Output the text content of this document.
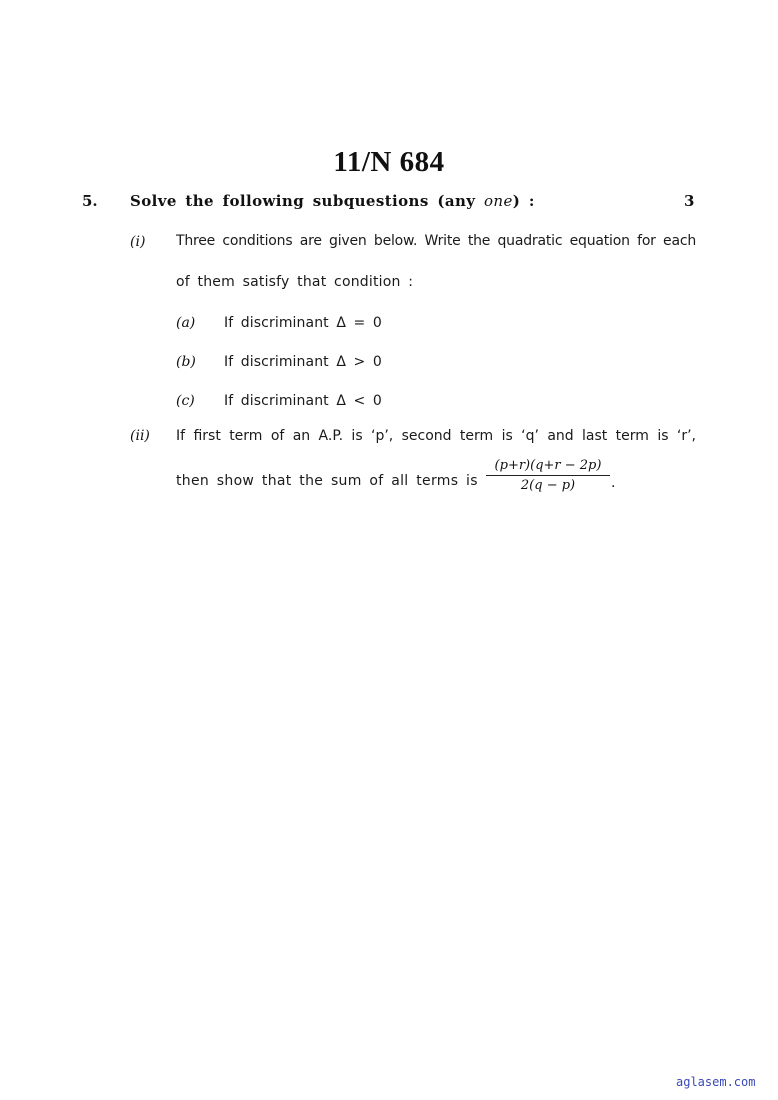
11/N 684
5. Solve the following subquestions (any one) :	3
(i) Three conditions are given below. Write the quadratic equation for each
of them satisfy that condition :
(a) If discriminant Δ = 0
(b) If discriminant Δ > 0
(c) If discriminant Δ < 0
(ii) If first term of an A.P. is ‘p’, second term is ‘q’ and last term is ‘r’,
then show that the sum of all terms is $\frac{(p+r)(q+r - 2p)}{2(q - p)}$ .
aglasem.com
